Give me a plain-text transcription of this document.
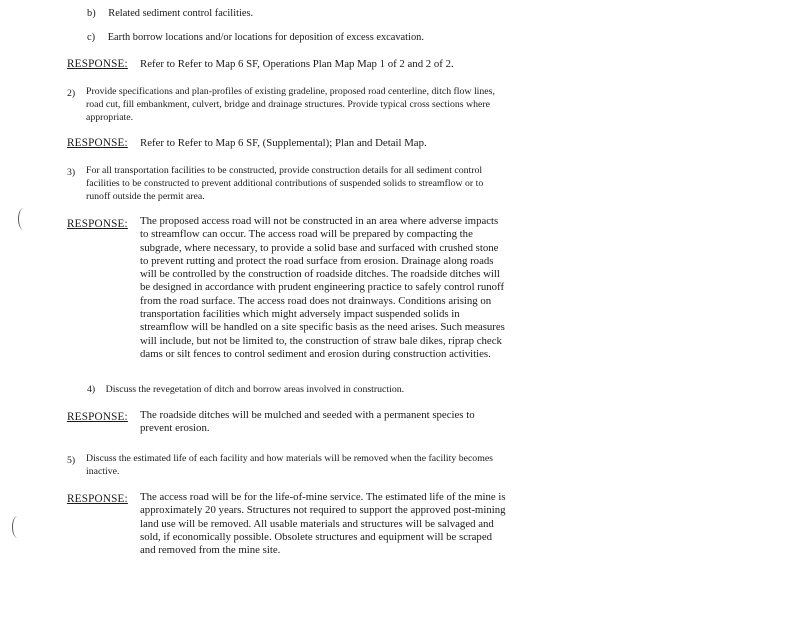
b) Related sediment control facilities.
c) Earth borrow locations and/or locations for deposition of excess excavation.
RESPONSE: Refer to Refer to Map 6 SF, Operations Plan Map Map 1 of 2 and 2 of 2.
2) Provide specifications and plan-profiles of existing gradeline, proposed road centerline, ditch flow lines,
road cut, fill embankment, culvert, bridge and drainage structures. Provide typical cross sections where
appropriate.
RESPONSE: Refer to Refer to Map 6 SF, (Supplemental); Plan and Detail Map.
3) For all transportation facilities to be constructed, provide construction details for all sediment control
facilities to be constructed to prevent additional contributions of suspended solids to streamflow or to
runoff outside the permit area.
RESPONSE: The proposed access road will not be constructed in an area where adverse impacts
to streamflow can occur. The access road will be prepared by compacting the
subgrade, where necessary, to provide a solid base and surfaced with crushed stone
to prevent rutting and protect the road surface from erosion. Drainage along roads
will be controlled by the construction of roadside ditches. The roadside ditches will
be designed in accordance with prudent engineering practice to safely control runoff
from the road surface. The access road does not drainways. Conditions arising on
transportation facilities which might adversely impact suspended solids in
streamflow will be handled on a site specific basis as the need arises. Such measures
will include, but not be limited to, the construction of straw bale dikes, riprap check
dams or silt fences to control sediment and erosion during construction activities.
4) Discuss the revegetation of ditch and borrow areas involved in construction.
RESPONSE: The roadside ditches will be mulched and seeded with a permanent species to
prevent erosion.
5) Discuss the estimated life of each facility and how materials will be removed when the facility becomes
inactive.
RESPONSE: The access road will be for the life-of-mine service. The estimated life of the mine is
approximately 20 years. Structures not required to support the approved post-mining
land use will be removed. All usable materials and structures will be salvaged and
sold, if economically possible. Obsolete structures and equipment will be scraped
and removed from the mine site.
